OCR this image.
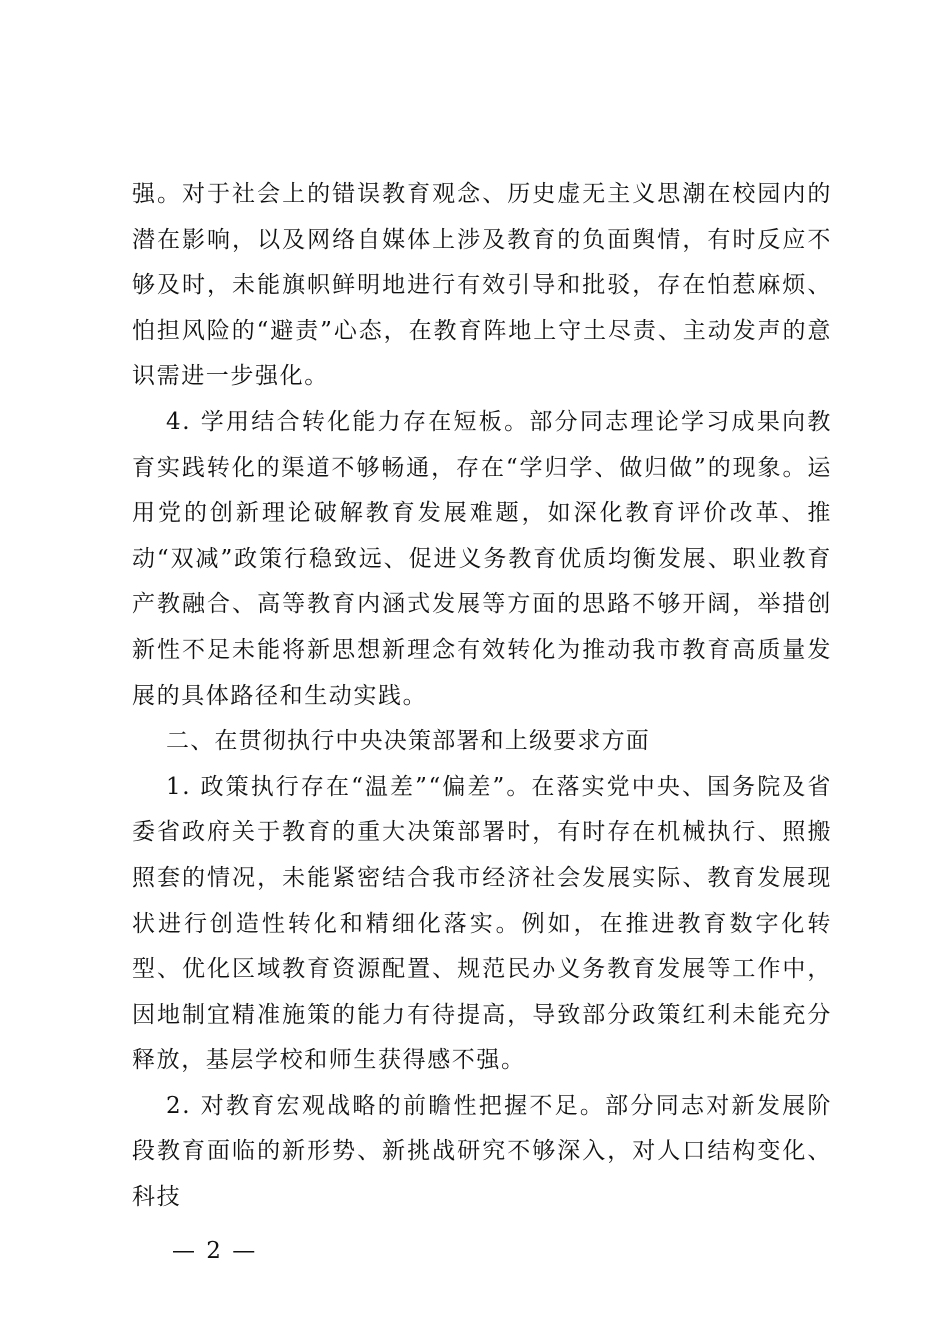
强。对于社会上的错误教育观念、历史虚无主义思潮在校园内的潜在影响，以及网络自媒体上涉及教育的负面舆情，有时反应不够及时，未能旗帜鲜明地进行有效引导和批驳，存在怕惹麻烦、怕担风险的“避责”心态，在教育阵地上守土尽责、主动发声的意识需进一步强化。

4. 学用结合转化能力存在短板。部分同志理论学习成果向教育实践转化的渠道不够畅通，存在“学归学、做归做”的现象。运用党的创新理论破解教育发展难题，如深化教育评价改革、推动“双减”政策行稳致远、促进义务教育优质均衡发展、职业教育产教融合、高等教育内涵式发展等方面的思路不够开阔，举措创新性不足未能将新思想新理念有效转化为推动我市教育高质量发展的具体路径和生动实践。

二、在贯彻执行中央决策部署和上级要求方面

1. 政策执行存在“温差”“偏差”。在落实党中央、国务院及省委省政府关于教育的重大决策部署时，有时存在机械执行、照搬照套的情况，未能紧密结合我市经济社会发展实际、教育发展现状进行创造性转化和精细化落实。例如，在推进教育数字化转型、优化区域教育资源配置、规范民办义务教育发展等工作中，因地制宜精准施策的能力有待提高，导致部分政策红利未能充分释放，基层学校和师生获得感不强。

2. 对教育宏观战略的前瞻性把握不足。部分同志对新发展阶段教育面临的新形势、新挑战研究不够深入，对人口结构变化、科技

— 2 —
